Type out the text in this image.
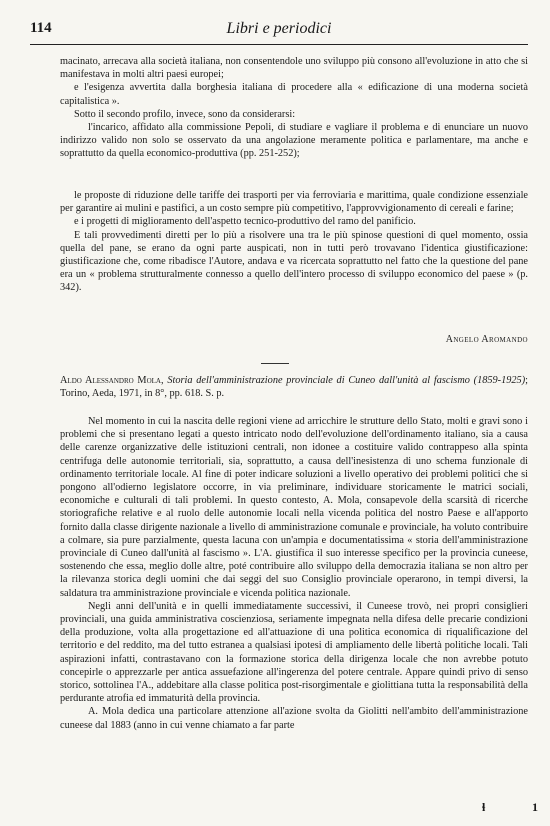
114	Libri e periodici

macinato, arrecava alla società italiana, non consentendole uno sviluppo più consono all'evoluzione in atto che si manifestava in molti altri paesi europei;

e l'esigenza avvertita dalla borghesia italiana di procedere alla « edificazione di una moderna società capitalistica ».

Sotto il secondo profilo, invece, sono da considerarsi:

l'incarico, affidato alla commissione Pepoli, di studiare e vagliare il problema e di enunciare un nuovo indirizzo valido non solo se osservato da una angolazione meramente politica e parlamentare, ma anche e soprattutto da quella economico-produttiva (pp. 251-252);

le proposte di riduzione delle tariffe dei trasporti per via ferroviaria e marittima, quale condizione essenziale per garantire ai mulini e pastifici, a un costo sempre più competitivo, l'approvvigionamento di cereali e farine;

e i progetti di miglioramento dell'aspetto tecnico-produttivo del ramo del panificio.

E tali provvedimenti diretti per lo più a risolvere una tra le più spinose questioni di quel momento, ossia quella del pane, se erano da ogni parte auspicati, non in tutti però trovavano l'identica giustificazione: giustificazione che, come ribadisce l'Autore, andava e va ricercata soprattutto nel fatto che la questione del pane era un « problema strutturalmente connesso a quello dell'intero processo di sviluppo economico del paese » (p. 342).

Angelo Aromando
Aldo Alessandro Mola, Storia dell'amministrazione provinciale di Cuneo dall'unità al fascismo (1859-1925); Torino, Aeda, 1971, in 8°, pp. 618. S. p.

Nel momento in cui la nascita delle regioni viene ad arricchire le strutture dello Stato, molti e gravi sono i problemi che si presentano legati a questo intricato nodo dell'evoluzione dell'ordinamento italiano, sia a causa delle carenze organizzative delle istituzioni centrali, non idonee a costituire valido contrappeso alla spinta centrifuga delle autonomie territoriali, sia, soprattutto, a causa dell'inesistenza di uno schema funzionale di ordinamento territoriale locale. Al fine di poter indicare soluzioni a livello operativo dei problemi politici che si pongono all'odierno legislatore occorre, in via preliminare, individuare storicamente le matrici sociali, economiche e culturali di tali problemi. In questo contesto, A. Mola, consapevole della scarsità di ricerche storiografiche relative e al ruolo delle autonomie locali nella vicenda politica del nostro Paese e all'apporto fornito dalla classe dirigente nazionale a livello di amministrazione comunale e provinciale, ha voluto contribuire a colmare, sia pure parzialmente, questa lacuna con un'ampia e documentatissima « storia dell'amministrazione provinciale di Cuneo dall'unità al fascismo ». L'A. giustifica il suo interesse specifico per la provincia cuneese, sostenendo che essa, meglio dolle altre, poté contribuire allo sviluppo della democrazia italiana se non altro per la rilevanza storica degli uomini che dai seggi del suo Consiglio provinciale operarono, in tempi diversi, la saldatura tra amministrazione provinciale e vicenda politica nazionale.

Negli anni dell'unità e in quelli immediatamente successivi, il Cuneese trovò, nei propri consiglieri provinciali, una guida amministrativa coscienziosa, seriamente impegnata nella difesa delle precarie condizioni della produzione, volta alla progettazione ed all'attuazione di una politica economica di riqualificazione del territorio e del reddito, ma del tutto estranea a qualsiasi ipotesi di ampliamento delle libertà politiche locali. Tali aspirazioni infatti, contrastavano con la formazione storica della dirigenza locale che non avrebbe potuto concepirle o apprezzarle per antica assuefazione all'ingerenza del potere centrale. Appare quindi privo di senso storico, sottolinea l'A., addebitare alla classe politica post-risorgimentale e giolittiana tutta la responsabilità della perdurante atrofia ed immaturità della provincia.

A. Mola dedica una particolare attenzione all'azione svolta da Giolitti nell'ambito dell'amministrazione cuneese dal 1883 (anno in cui venne chiamato a far parte

ɬ	1
